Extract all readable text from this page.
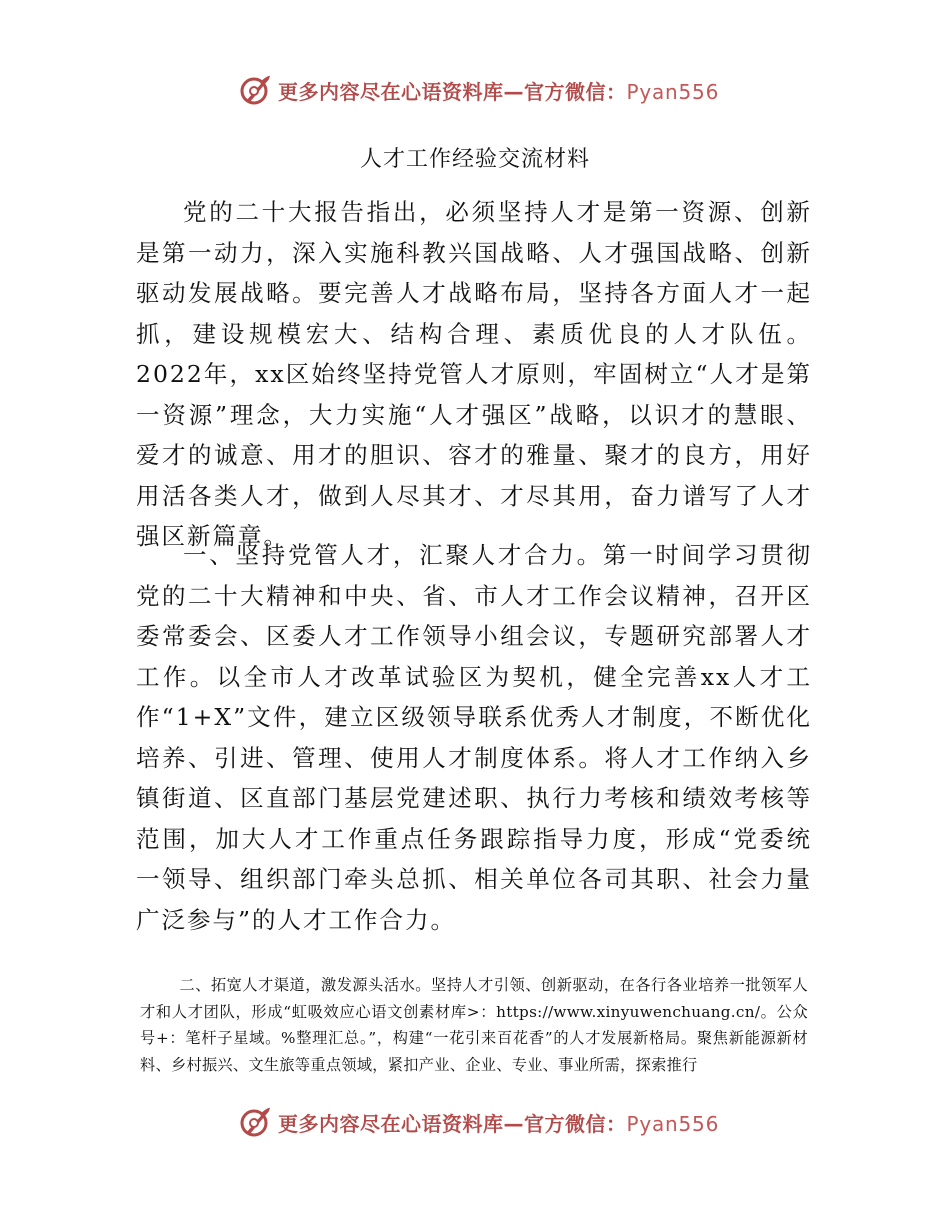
更多内容尽在心语资料库—官方微信：Pyan556
人才工作经验交流材料

党的二十大报告指出，必须坚持人才是第一资源、创新是第一动力，深入实施科教兴国战略、人才强国战略、创新驱动发展战略。要完善人才战略布局，坚持各方面人才一起抓，建设规模宏大、结构合理、素质优良的人才队伍。2022年，xx区始终坚持党管人才原则，牢固树立“人才是第一资源”理念，大力实施“人才强区”战略，以识才的慧眼、爱才的诚意、用才的胆识、容才的雅量、聚才的良方，用好用活各类人才，做到人尽其才、才尽其用，奋力谱写了人才强区新篇章。

一、坚持党管人才，汇聚人才合力。第一时间学习贯彻党的二十大精神和中央、省、市人才工作会议精神，召开区委常委会、区委人才工作领导小组会议，专题研究部署人才工作。以全市人才改革试验区为契机，健全完善xx人才工作“1+X”文件，建立区级领导联系优秀人才制度，不断优化培养、引进、管理、使用人才制度体系。将人才工作纳入乡镇街道、区直部门基层党建述职、执行力考核和绩效考核等范围，加大人才工作重点任务跟踪指导力度，形成“党委统一领导、组织部门牵头总抓、相关单位各司其职、社会力量广泛参与”的人才工作合力。

二、拓宽人才渠道，激发源头活水。坚持人才引领、创新驱动，在各行各业培养一批领军人才和人才团队，形成“虹吸效应心语文创素材库>：https://www.xinyuwenchuang.cn/。公众号+：笔杆子星域。%整理汇总。”，构建“一花引来百花香”的人才发展新格局。聚焦新能源新材料、乡村振兴、文生旅等重点领域，紧扣产业、企业、专业、事业所需，探索推行

更多内容尽在心语资料库—官方微信：Pyan556
